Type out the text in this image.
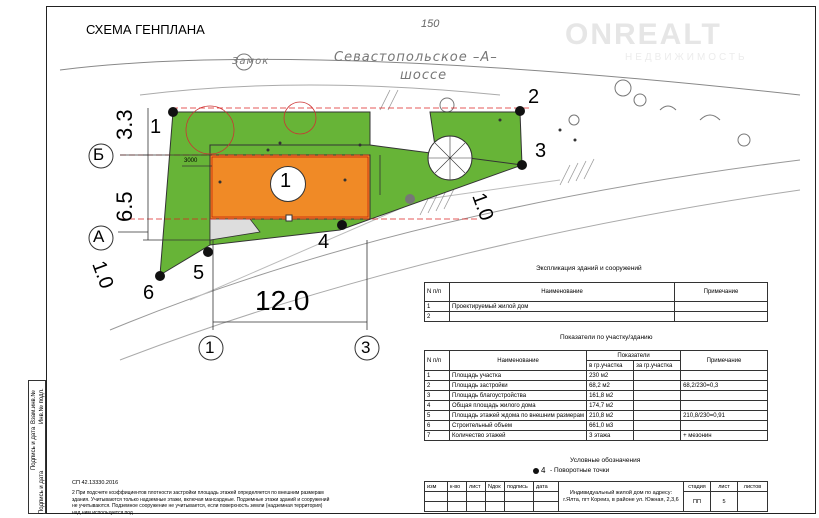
ONREALT
НЕДВИЖИМОСТЬ
СХЕМА ГЕНПЛАНА	150
Замок	Севастопольское –A–
шоссе
Б
А
1	3
3.3
6.5
1.0
1.0
12.0
3000
1
2
3
4
5
6
1
Экспликация зданий и сооружений
N п/п	Наименование	Примечание
1	Проектируемый жилой дом	
2		
Показатели по участку/зданию
N п/п	Наименование	Показатели		Примечание
		в гр.участка	за гр.участка	
1	Площадь участка	230 м2		
2	Площадь застройки	68,2 м2		68,2/230=0,3
3	Площадь благоустройства	161,8 м2		
4	Общая площадь жилого дома	174,7 м2		
5	Площадь этажей ждома по внешним размерам	210,8 м2		210,8/230=0,91
6	Строительный объем	661,0 м3		
7	Количество этажей	3 этажа		+ мезонин
Условные обозначения
4 - Поворотные точки
СП 42.13330.2016
2 При подсчете коэффициентов плотности застройки площадь этажей определяется по внешним размерам здания. Учитываются только надземные этажи, включая мансардные. Подземные этажи зданий и сооружений не учитываются. Подземное сооружение не учитывается, если поверхность земли (надземная территория) над ним используется под
изм	к-во	лист	Nдок	подпись	дата	Индивидуальный жилой дом по адресу: г.Ялта, пгт Кореиз, в районе ул. Южная, 2,3,6	стадия	лист	листов
							ПП	5	

Взам.инв.№
Подпись и дата
Инв.№ подл.
Подпись и дата
